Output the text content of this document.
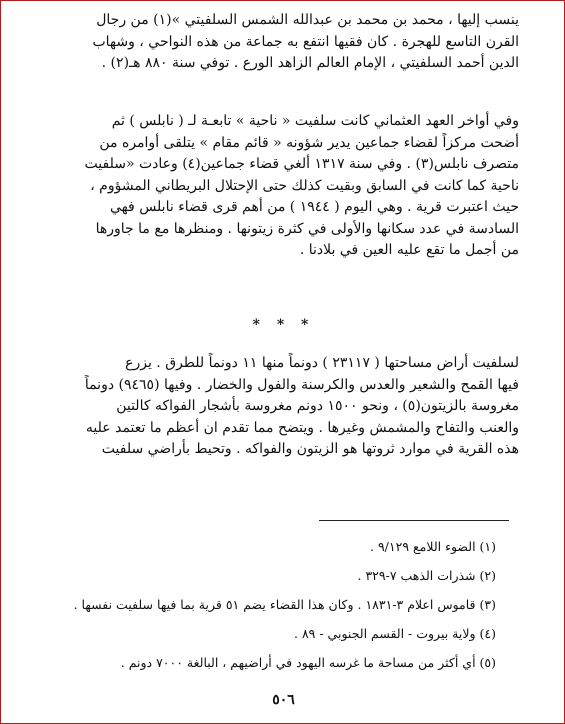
ينسب إليها ، محمد بن محمد بن عبدالله الشمس السلفيتي »(١) من رجال
القرن التاسع للهجرة . كان فقيها انتفع به جماعة من هذه النواحي ، وشهاب
الدين أحمد السلفيتي ، الإمام العالم الزاهد الورع . توفي سنة ٨٨٠ هـ(٢) .
وفي أواخر العهد العثماني كانت سلفيت « ناحية » تابعـة لـ ( نابلس ) ثم
أضحت مركزاً لقضاء جماعين يدير شؤونه « قائم مقام » يتلقى أوامره من
متصرف نابلس(٣) . وفي سنة ١٣١٧ ألغي قضاء جماعين(٤) وعادت «سلفيت
ناحية كما كانت في السابق وبقيت كذلك حتى الإحتلال البريطاني المشؤوم ،
حيث اعتبرت قرية . وهي اليوم ( ١٩٤٤ ) من أهم قرى قضاء نابلس فهي
السادسة في عدد سكانها والأولى في كثرة زيتونها . ومنظرها مع ما جاورها
من أجمل ما تقع عليه العين في بلادنا .
* * *
لسلفيت أراض مساحتها ( ٢٣١١٧ ) دونماً منها ١١ دونماً للطرق . يزرع
فيها القمح والشعير والعدس والكرسنة والفول والخضار . وفيها (٩٤٦٥) دونماً
مغروسة بالزيتون(٥) ، ونحو ١٥٠٠ دونم مغروسة بأشجار الفواكه كالتين
والعنب والتفاح والمشمش وغيرها . ويتضح مما تقدم ان أعظم ما تعتمد عليه
هذه القرية في موارد ثروتها هو الزيتون والفواكه . وتحيط بأراضي سلفيت
(١) الضوء اللامع ٩/١٢٩ .
(٢) شذرات الذهب ٧-٣٢٩ .
(٣) قاموس اعلام ٣-١٨٣١ . وكان هذا القضاء يضم ٥١ قرية بما فيها سلفيت نفسها .
(٤) ولاية بيروت - القسم الجنوبي - ٨٩ .
(٥) أي أكثر من مساحة ما غرسه اليهود في أراضيهم ، البالغة ٧٠٠٠ دونم .
٥٠٦
